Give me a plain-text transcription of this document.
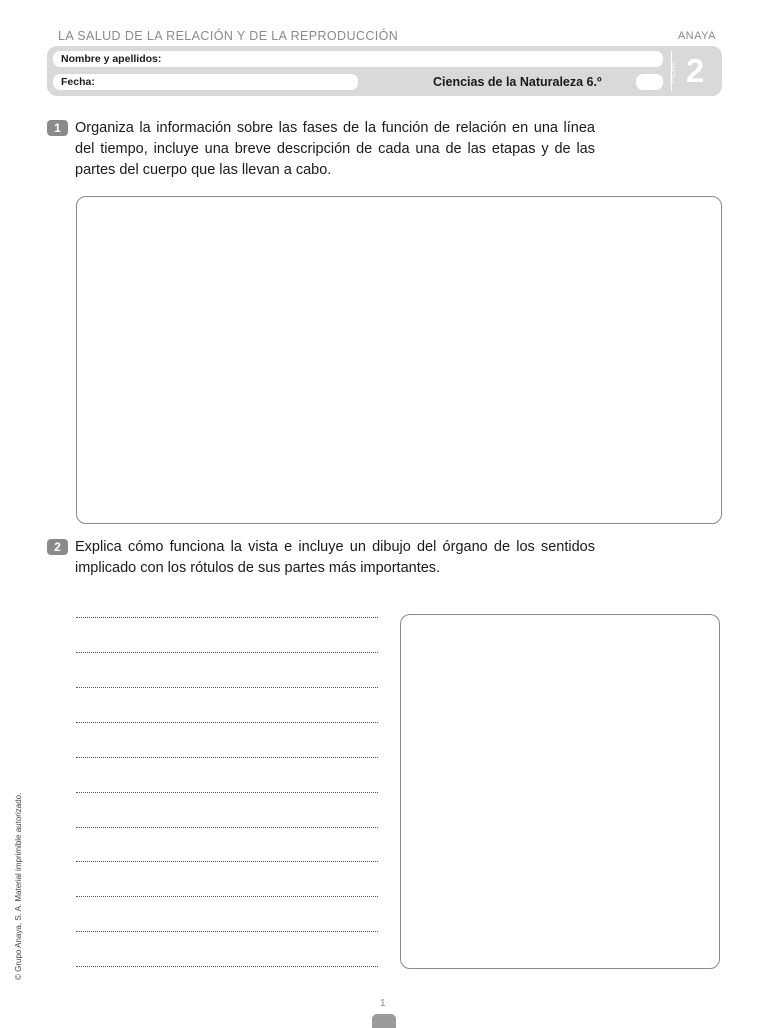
LA SALUD DE LA RELACIÓN Y DE LA REPRODUCCIÓN	ANAYA
Nombre y apellidos:
Fecha:	Ciencias de la Naturaleza 6.º	FICHA 2
1 Organiza la información sobre las fases de la función de relación en una línea del tiempo, incluye una breve descripción de cada una de las etapas y de las partes del cuerpo que las llevan a cabo.
2 Explica cómo funciona la vista e incluye un dibujo del órgano de los sentidos implicado con los rótulos de sus partes más importantes.
© Grupo Anaya, S. A. Material imprimible autorizado.
1
